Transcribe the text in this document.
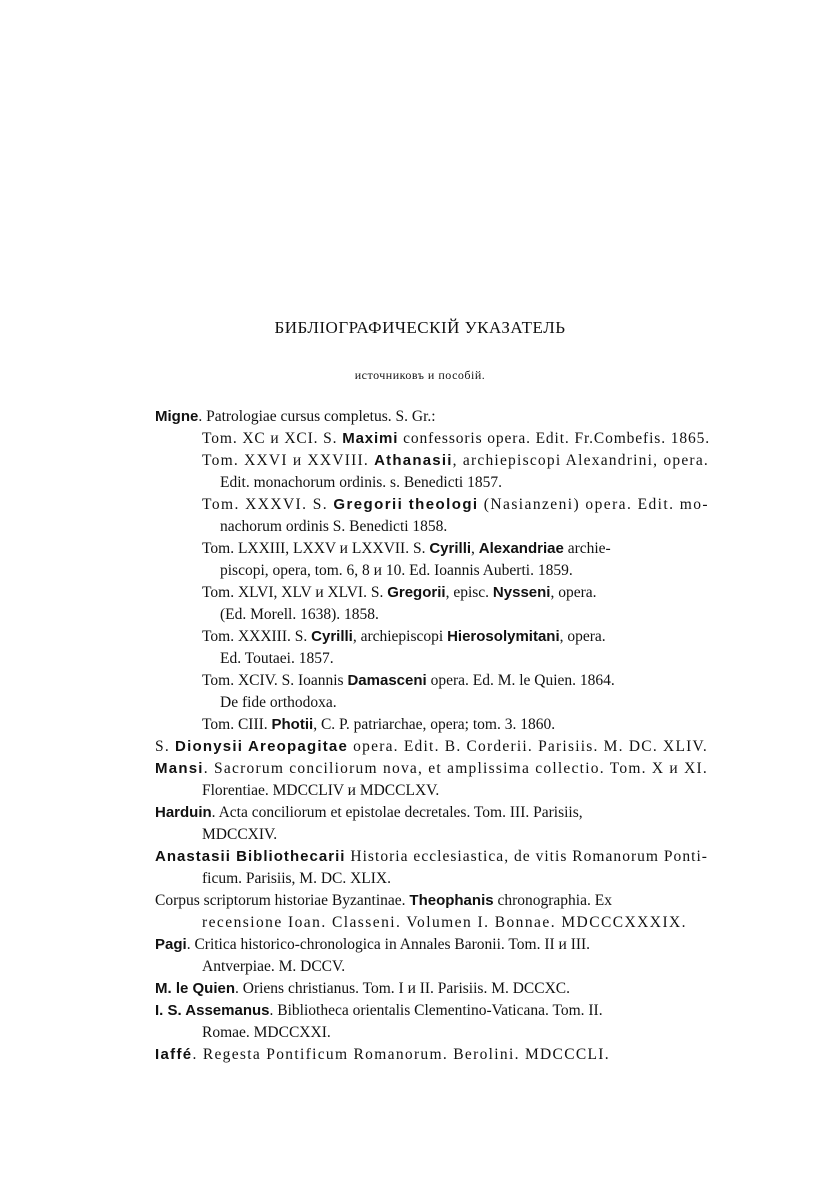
БИБЛІОГРАФИЧЕСКІЙ УКАЗАТЕЛЬ
источниковъ и пособій.
Migne. Patrologiae cursus completus. S. Gr.:
Tom. XC и XCI. S. Maximi confessoris opera. Edit. Fr.Combefis. 1865.
Tom. XXVI и XXVIII. Athanasii, archiepiscopi Alexandrini, opera.
Edit. monachorum ordinis. s. Benedicti 1857.
Tom. XXXVI. S. Gregorii theologi (Nasianzeni) opera. Edit. mo-
nachorum ordinis S. Benedicti 1858.
Tom. LXXIII, LXXV и LXXVII. S. Cyrilli, Alexandriae archie-
piscopi, opera, tom. 6, 8 и 10. Ed. Ioannis Auberti. 1859.
Tom. XLVI, XLV и XLVI. S. Gregorii, episc. Nysseni, opera.
(Ed. Morell. 1638). 1858.
Tom. XXXIII. S. Cyrilli, archiepiscopi Hierosolymitani, opera.
Ed. Toutaei. 1857.
Tom. XCIV. S. Ioannis Damasceni opera. Ed. M. le Quien. 1864.
De fide orthodoxa.
Tom. CIII. Photii, C. P. patriarchae, opera; tom. 3. 1860.
S. Dionysii Areopagitae opera. Edit. B. Corderii. Parisiis. M. DC. XLIV.
Mansi. Sacrorum conciliorum nova, et amplissima collectio. Tom. X и XI.
Florentiae. MDCCLIV и MDCCLXV.
Harduin. Acta conciliorum et epistolae decretales. Tom. III. Parisiis,
MDCCXIV.
Anastasii Bibliothecarii Historia ecclesiastica, de vitis Romanorum Ponti-
ficum. Parisiis, M. DC. XLIX.
Corpus scriptorum historiae Byzantinae. Theophanis chronographia. Ex
recensione Ioan. Classeni. Volumen I. Bonnae. MDCCCXXXIX.
Pagi. Critica historico-chronologica in Annales Baronii. Tom. II и III.
Antverpiae. M. DCCV.
M. le Quien. Oriens christianus. Tom. I и II. Parisiis. M. DCCXC.
I. S. Assemanus. Bibliotheca orientalis Clementino-Vaticana. Tom. II.
Romae. MDCCXXI.
Iaffé. Regesta Pontificum Romanorum. Berolini. MDCCCLI.
